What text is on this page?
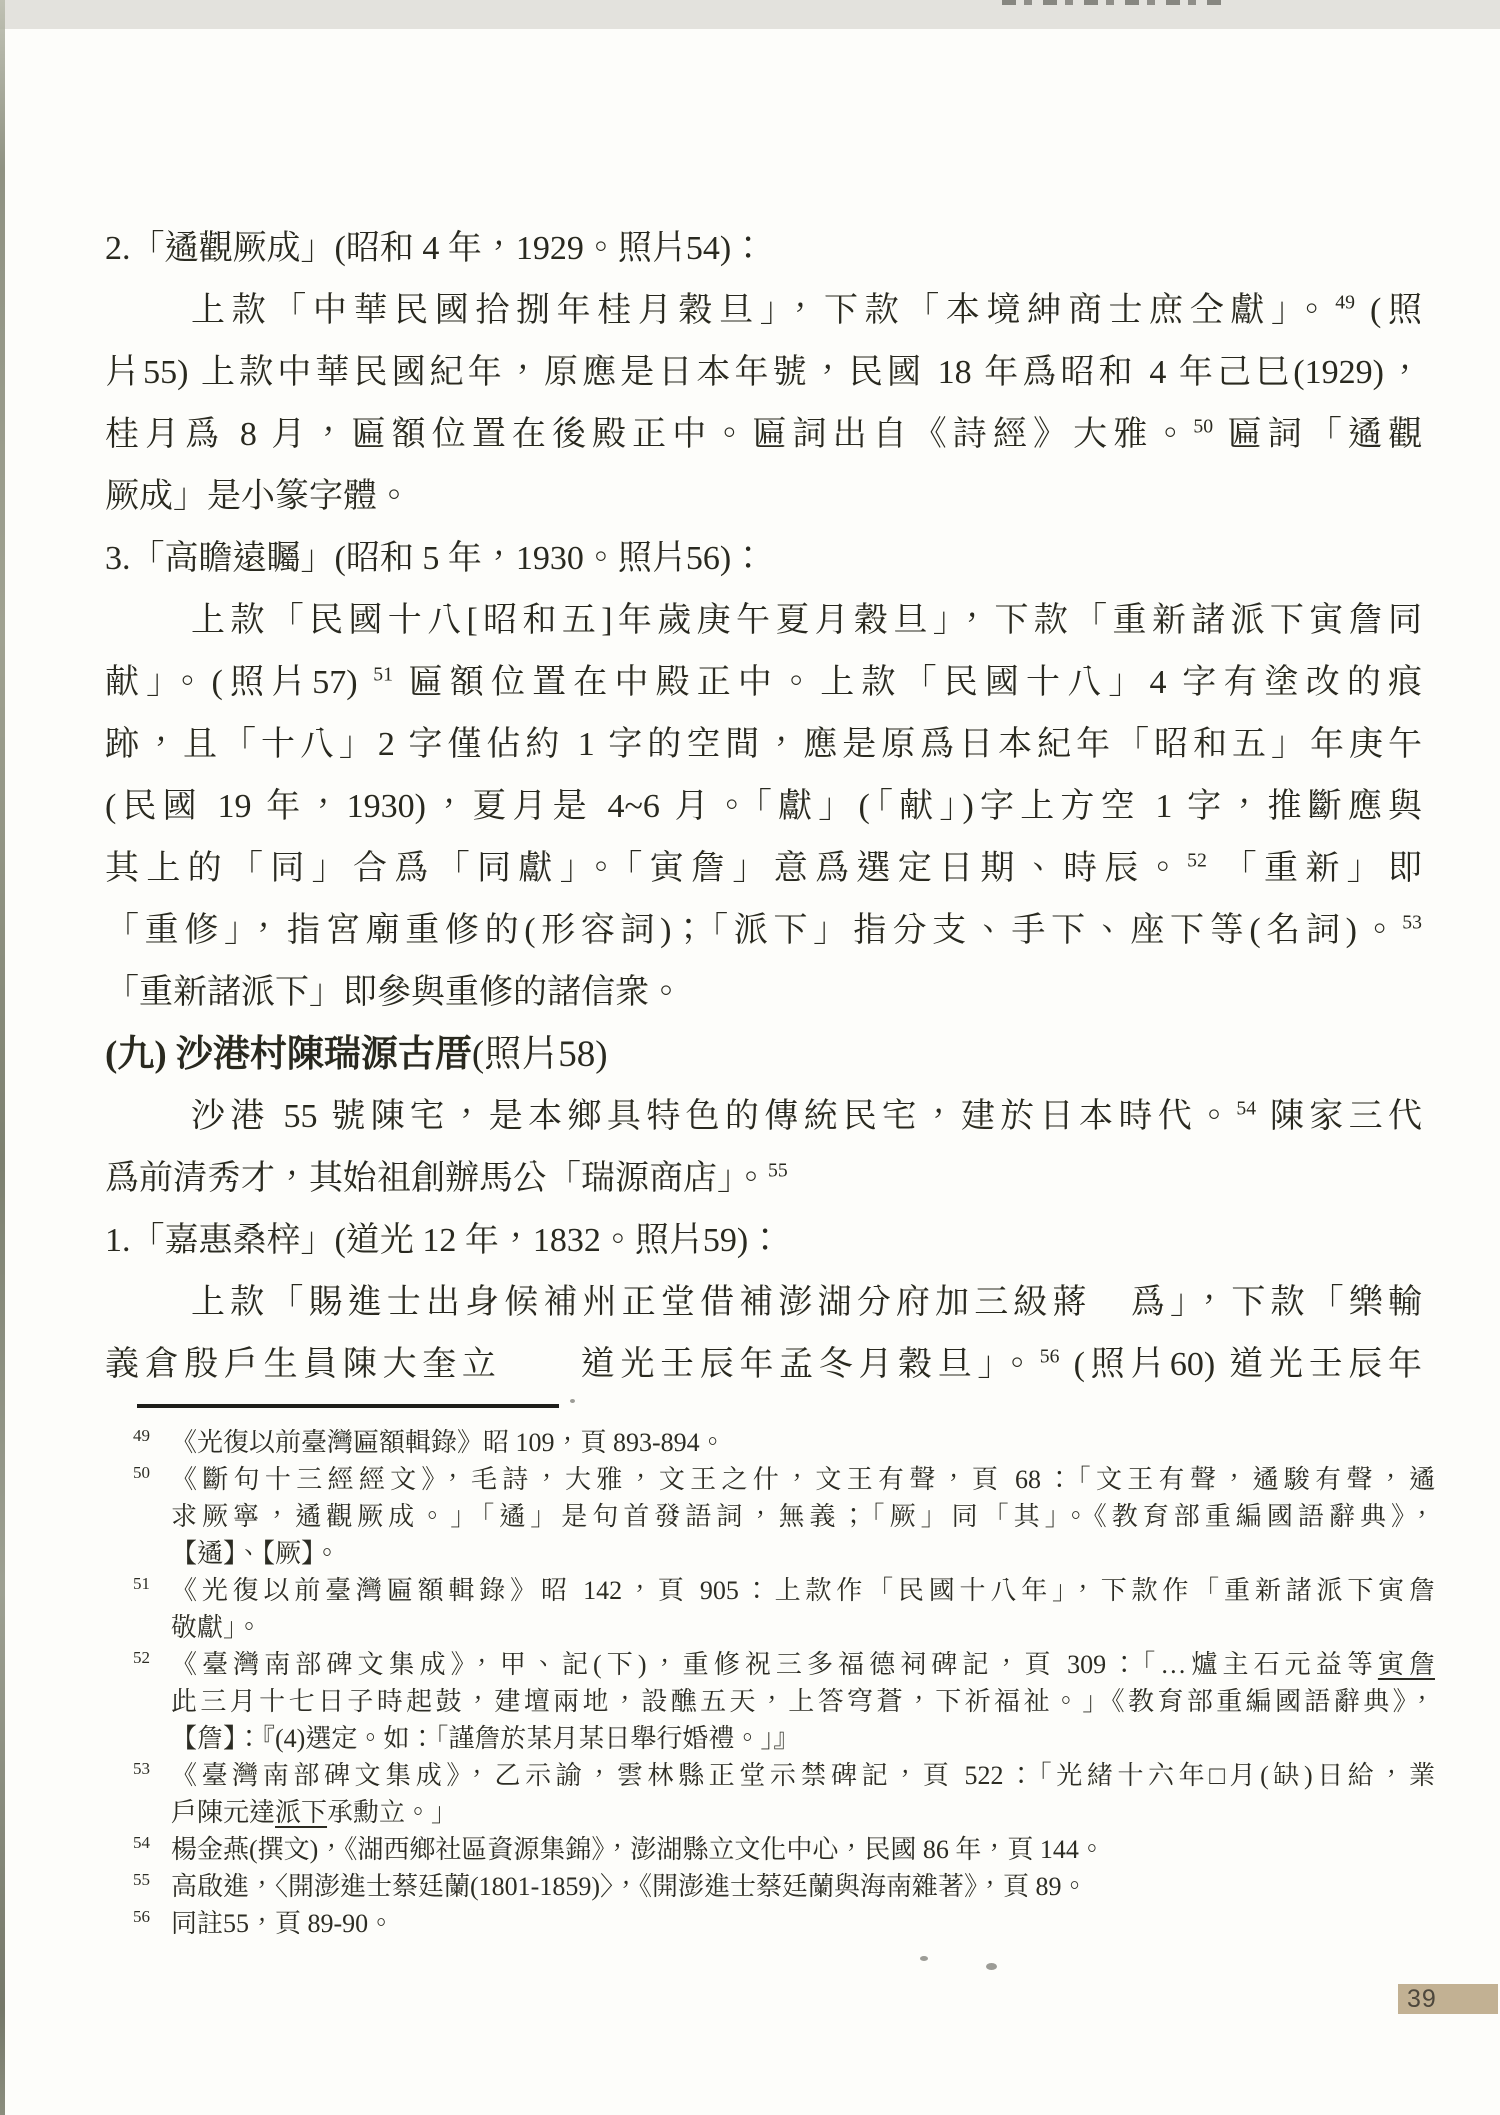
2.「遹觀厥成」(昭和 4 年，1929。照片54)：
上款「中華民國拾捌年桂月穀旦」，下款「本境紳商士庶仝獻」。$^{49}$ (照
片55) 上款中華民國紀年，原應是日本年號，民國 18 年爲昭和 4 年己巳(1929)，
桂月爲 8 月，匾額位置在後殿正中。匾詞出自《詩經》大雅。$^{50}$ 匾詞「遹觀
厥成」是小篆字體。
3.「高瞻遠矚」(昭和 5 年，1930。照片56)：
上款「民國十八[昭和五]年歲庚午夏月穀旦」，下款「重新諸派下寅詹同
献」。(照片57) $^{51}$ 匾額位置在中殿正中。上款「民國十八」4 字有塗改的痕
跡，且「十八」2 字僅佔約 1 字的空間，應是原爲日本紀年「昭和五」年庚午
(民國 19 年，1930)，夏月是 4~6 月。「獻」(「献」)字上方空 1 字，推斷應與
其上的「同」合爲「同獻」。「寅詹」意爲選定日期、時辰。$^{52}$ 「重新」即
「重修」，指宮廟重修的(形容詞)；「派下」指分支、手下、座下等(名詞)。$^{53}$
「重新諸派下」即參與重修的諸信衆。
(九) 沙港村陳瑞源古厝(照片58)
沙港 55 號陳宅，是本鄉具特色的傳統民宅，建於日本時代。$^{54}$ 陳家三代
爲前清秀才，其始祖創辦馬公「瑞源商店」。$^{55}$
1.「嘉惠桑梓」(道光 12 年，1832。照片59)：
上款「賜進士出身候補州正堂借補澎湖分府加三級蔣　爲」，下款「樂輸
義倉殷戶生員陳大奎立　　道光壬辰年孟冬月穀旦」。$^{56}$ (照片60) 道光壬辰年
49 《光復以前臺灣匾額輯錄》昭 109，頁 893-894。
50 《斷句十三經經文》，毛詩，大雅，文王之什，文王有聲，頁 68：「文王有聲，遹駿有聲，遹
求厥寧，遹觀厥成。」「遹」是句首發語詞，無義；「厥」同「其」。《教育部重編國語辭典》，
【遹】、【厥】。
51 《光復以前臺灣匾額輯錄》昭 142，頁 905：上款作「民國十八年」，下款作「重新諸派下寅詹
敬獻」。
52 《臺灣南部碑文集成》，甲、記(下)，重修祝三多福德祠碑記，頁 309：「…爐主石元益等寅詹
此三月十七日子時起鼓，建壇兩地，設醮五天，上答穹蒼，下祈福祉。」《教育部重編國語辭典》，
【詹】：『(4)選定。如：「謹詹於某月某日舉行婚禮。」』
53 《臺灣南部碑文集成》，乙示諭，雲林縣正堂示禁碑記，頁 522：「光緒十六年□月(缺)日給，業
户陳元達派下承勳立。」
54 楊金燕(撰文)，《湖西鄉社區資源集錦》，澎湖縣立文化中心，民國 86 年，頁 144。
55 高啟進，〈開澎進士蔡廷蘭(1801-1859)〉，《開澎進士蔡廷蘭與海南雜著》，頁 89。
56 同註55，頁 89-90。
39
